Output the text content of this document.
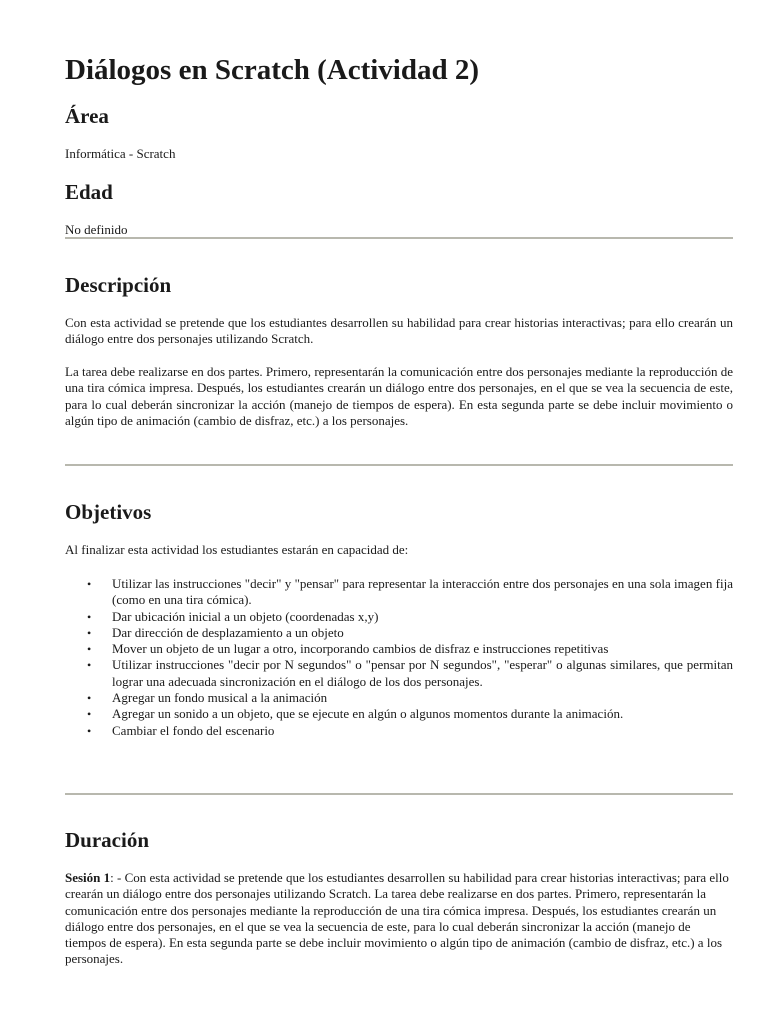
Diálogos en Scratch (Actividad 2)
Área

Informática - Scratch

Edad

No definido

Descripción

Con esta actividad se pretende que los estudiantes desarrollen su habilidad para crear historias interactivas; para ello crearán un diálogo entre dos personajes utilizando Scratch.

La tarea debe realizarse en dos partes. Primero, representarán la comunicación entre dos personajes mediante la reproducción de una tira cómica impresa. Después, los estudiantes crearán un diálogo entre dos personajes, en el que se vea la secuencia de este, para lo cual deberán sincronizar la acción (manejo de tiempos de espera). En esta segunda parte se debe incluir movimiento o algún tipo de animación (cambio de disfraz, etc.) a los personajes.

Objetivos

Al finalizar esta actividad los estudiantes estarán en capacidad de:

• Utilizar las instrucciones "decir" y "pensar" para representar la interacción entre dos personajes en una sola imagen fija (como en una tira cómica).
• Dar ubicación inicial a un objeto (coordenadas x,y)
• Dar dirección de desplazamiento a un objeto
• Mover un objeto de un lugar a otro, incorporando cambios de disfraz e instrucciones repetitivas
• Utilizar instrucciones "decir por N segundos" o "pensar por N segundos", "esperar" o algunas similares, que permitan lograr una adecuada sincronización en el diálogo de los dos personajes.
• Agregar un fondo musical a la animación
• Agregar un sonido a un objeto, que se ejecute en algún o algunos momentos durante la animación.
• Cambiar el fondo del escenario
Duración

Sesión 1: - Con esta actividad se pretende que los estudiantes desarrollen su habilidad para crear historias interactivas; para ello crearán un diálogo entre dos personajes utilizando Scratch. La tarea debe realizarse en dos partes. Primero, representarán la comunicación entre dos personajes mediante la reproducción de una tira cómica impresa. Después, los estudiantes crearán un diálogo entre dos personajes, en el que se vea la secuencia de este, para lo cual deberán sincronizar la acción (manejo de tiempos de espera). En esta segunda parte se debe incluir movimiento o algún tipo de animación (cambio de disfraz, etc.) a los personajes.
